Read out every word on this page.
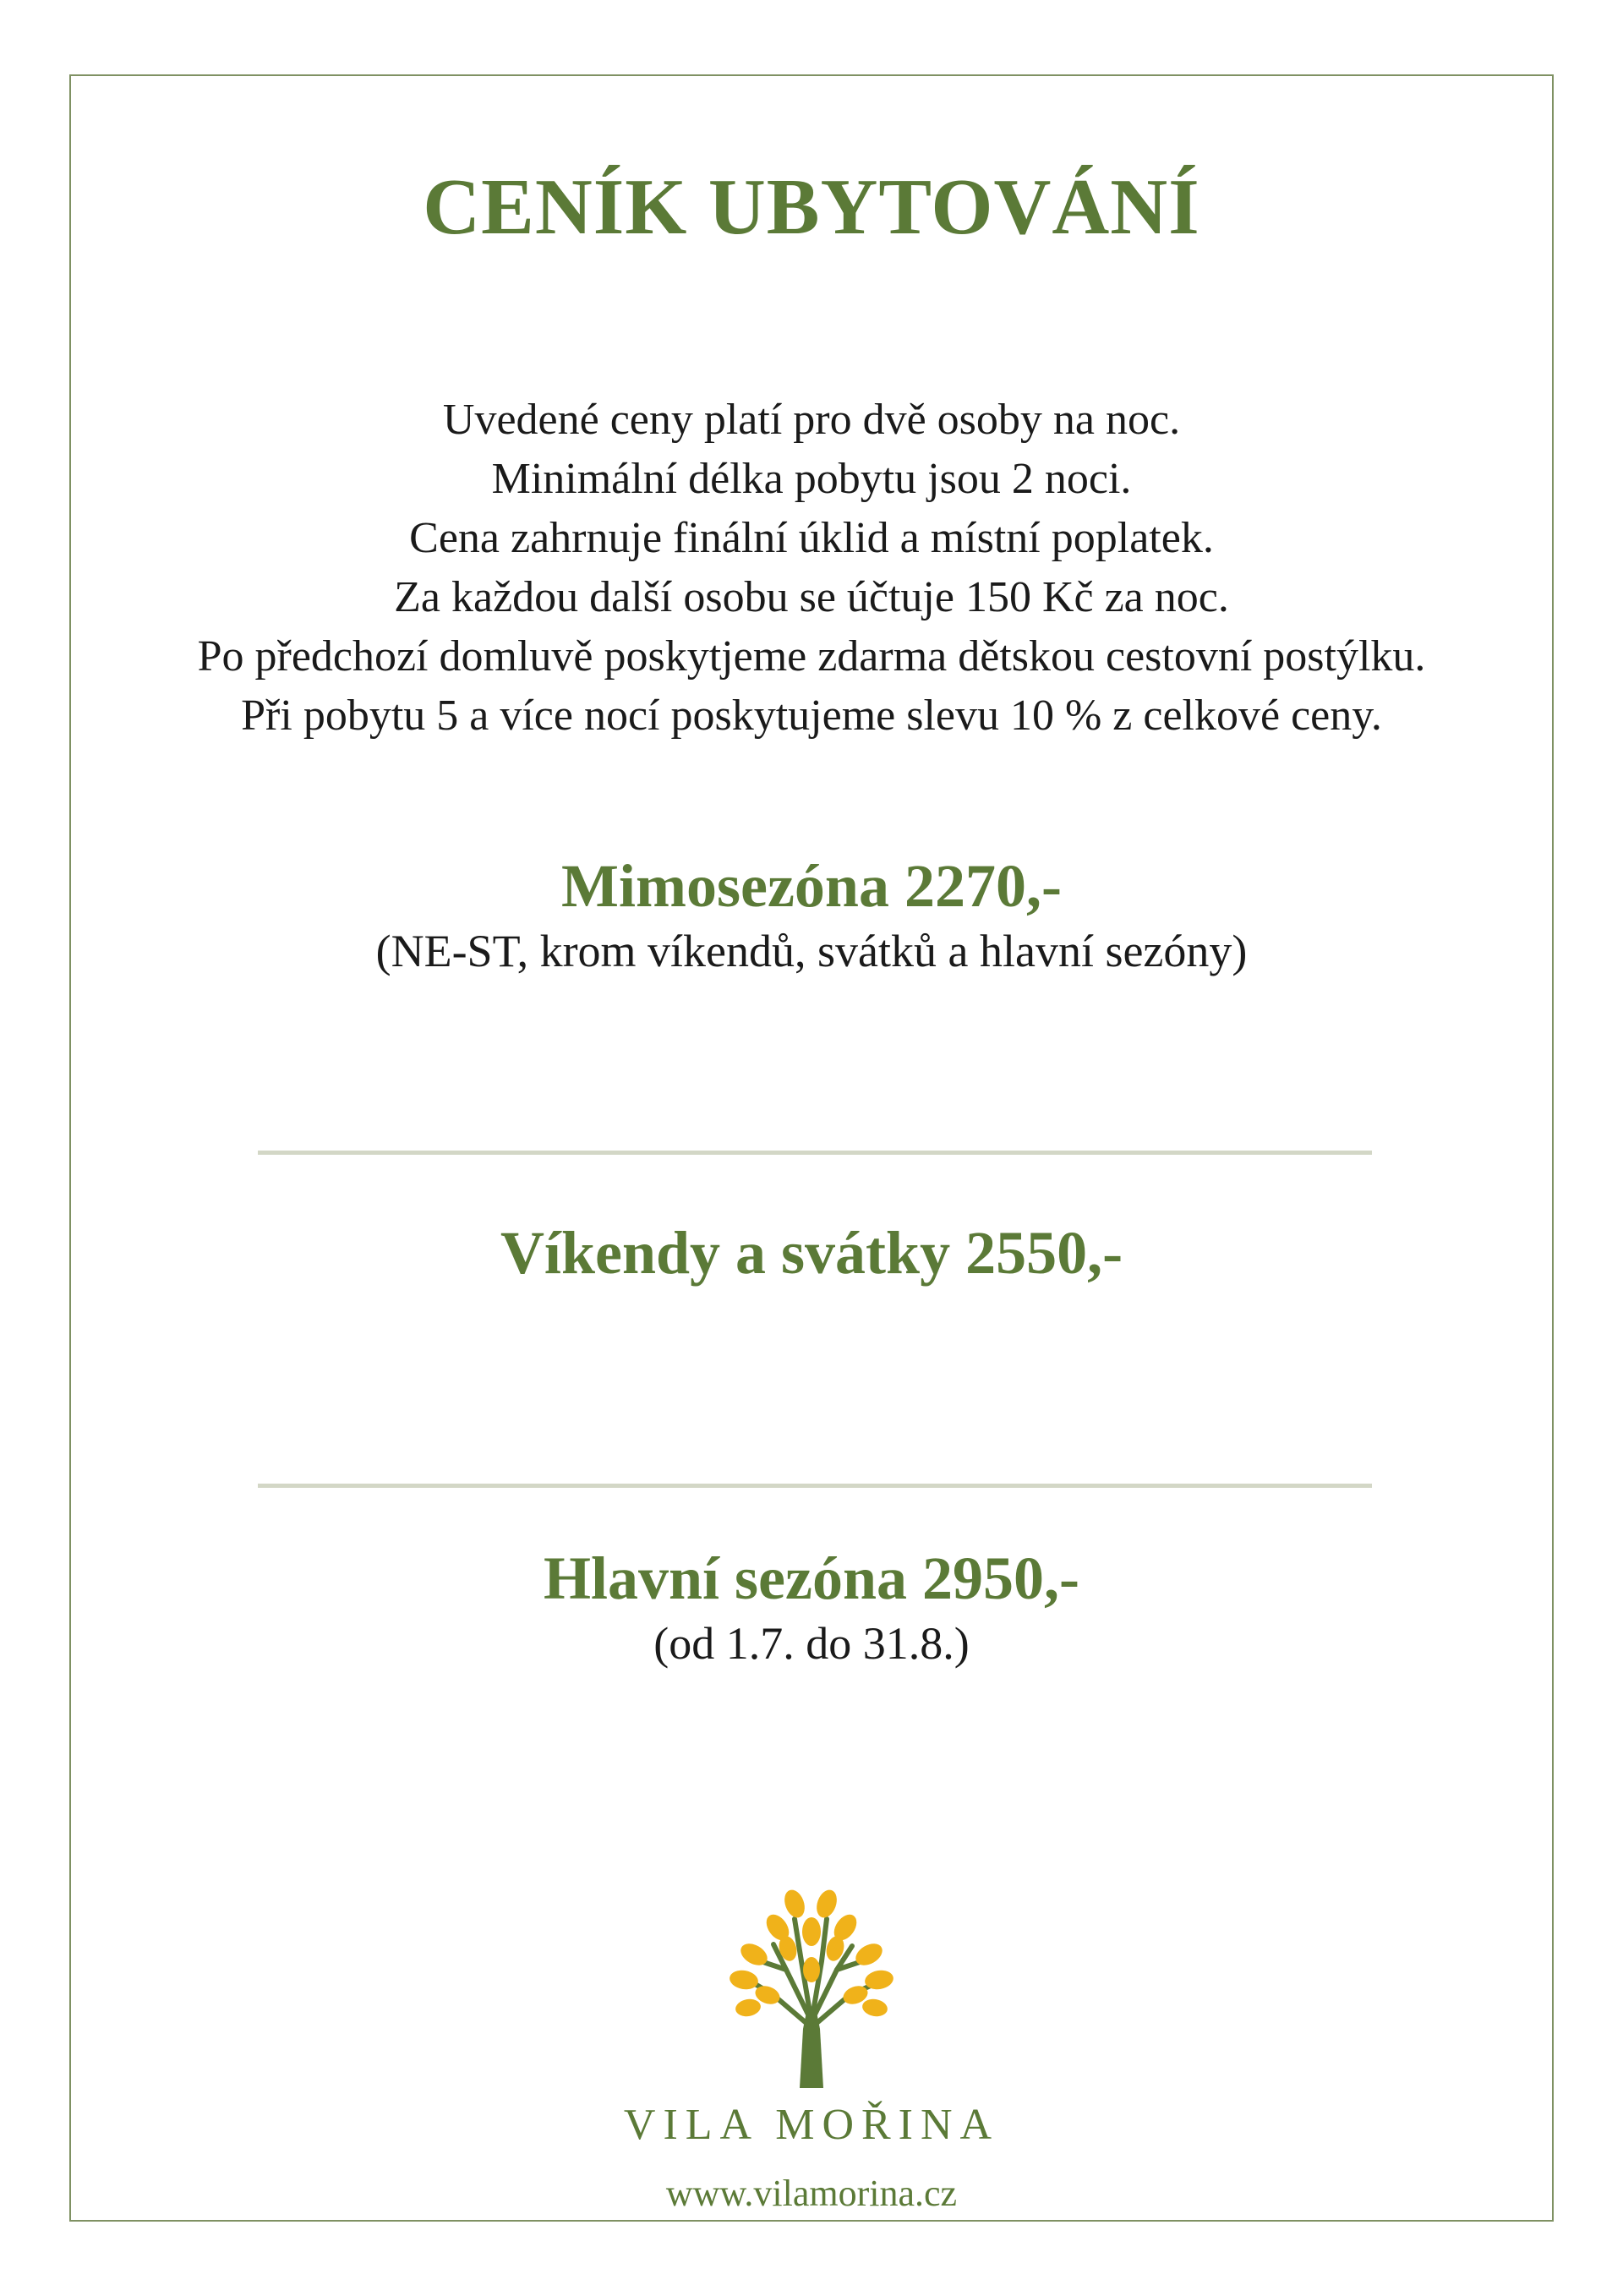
CENÍK UBYTOVÁNÍ
Uvedené ceny platí pro dvě osoby na noc.
Minimální délka pobytu jsou 2 noci.
Cena zahrnuje finální úklid a místní poplatek.
Za každou další osobu se účtuje 150 Kč za noc.
Po předchozí domluvě poskytjeme zdarma dětskou cestovní postýlku.
Při pobytu 5 a více nocí poskytujeme slevu 10 % z celkové ceny.
Mimosezóna 2270,-
(NE-ST, krom víkendů, svátků a hlavní sezóny)
Víkendy a svátky 2550,-
Hlavní sezóna 2950,-
(od 1.7. do 31.8.)
VILA MOŘINA
www.vilamorina.cz
